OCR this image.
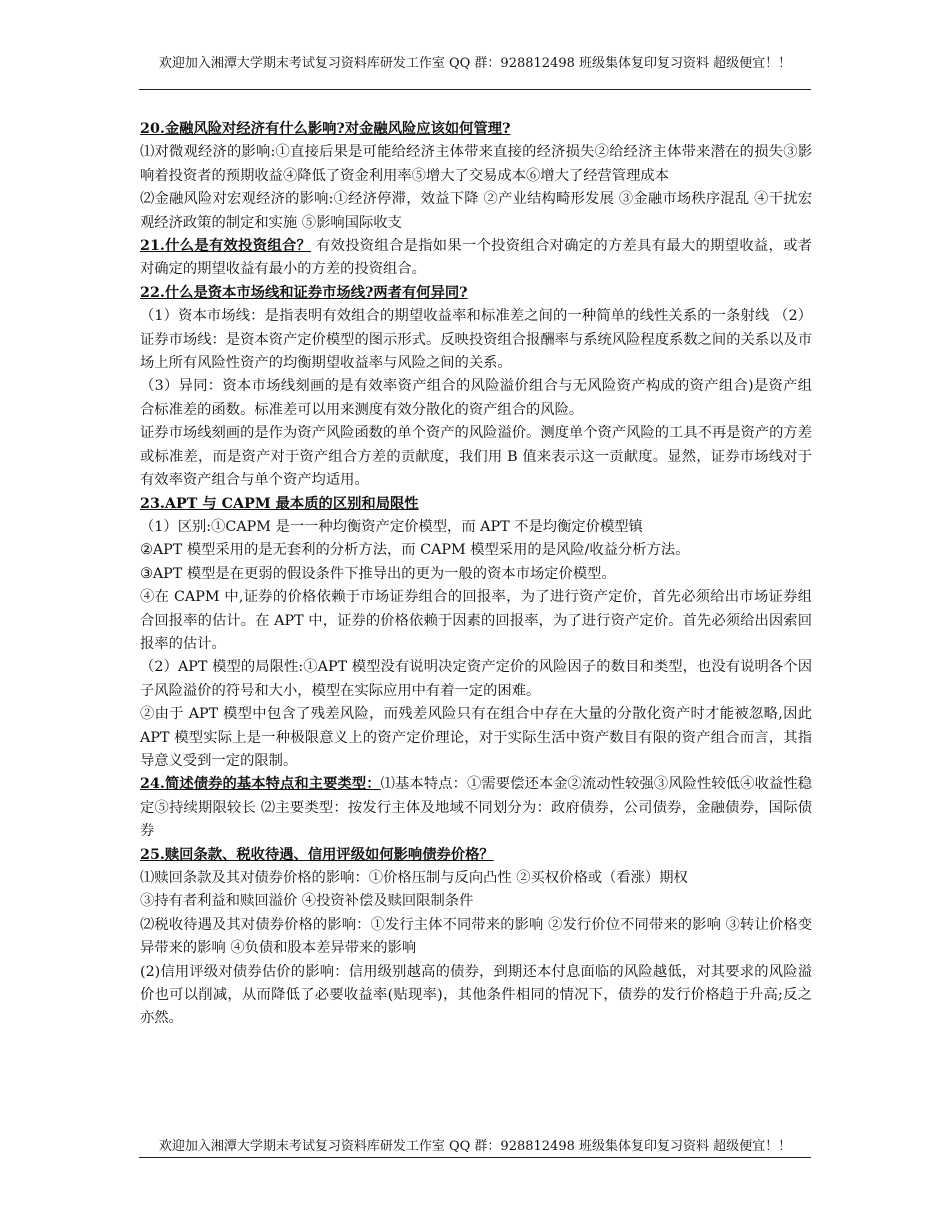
欢迎加入湘潭大学期末考试复习资料库研发工作室 QQ 群：928812498 班级集体复印复习资料 超级便宜！！

20.金融风险对经济有什么影响?对金融风险应该如何管理?

⑴对微观经济的影响:①直接后果是可能给经济主体带来直接的经济损失②给经济主体带来潜在的损失③影响着投资者的预期收益④降低了资金利用率⑤增大了交易成本⑥增大了经营管理成本

⑵金融风险对宏观经济的影响:①经济停滞，效益下降 ②产业结构畸形发展 ③金融市场秩序混乱 ④干扰宏观经济政策的制定和实施 ⑤影响国际收支

21.什么是有效投资组合？ 有效投资组合是指如果一个投资组合对确定的方差具有最大的期望收益，或者对确定的期望收益有最小的方差的投资组合。

22.什么是资本市场线和证券市场线?两者有何异同?

（1）资本市场线：是指表明有效组合的期望收益率和标准差之间的一种简单的线性关系的一条射线 （2）证券市场线：是资本资产定价模型的图示形式。反映投资组合报酬率与系统风险程度系数之间的关系以及市场上所有风险性资产的均衡期望收益率与风险之间的关系。

（3）异同：资本市场线刻画的是有效率资产组合的风险溢价组合与无风险资产构成的资产组合)是资产组合标准差的函数。标准差可以用来测度有效分散化的资产组合的风险。

证券市场线刻画的是作为资产风险函数的单个资产的风险溢价。测度单个资产风险的工具不再是资产的方差或标准差，而是资产对于资产组合方差的贡献度，我们用 B 值来表示这一贡献度。显然，证券市场线对于有效率资产组合与单个资产均适用。

23.APT 与 CAPM 最本质的区别和局限性

（1）区别:①CAPM 是一一种均衡资产定价模型，而 APT 不是均衡定价模型镇

②APT 模型采用的是无套利的分析方法，而 CAPM 模型采用的是风险/收益分析方法。

③APT 模型是在更弱的假设条件下推导出的更为一般的资本市场定价模型。

④在 CAPM 中,证券的价格依赖于市场证券组合的回报率，为了进行资产定价，首先必须给出市场证券组合回报率的估计。在 APT 中，证券的价格依赖于因素的回报率，为了进行资产定价。首先必须给出因索回报率的估计。

（2）APT 模型的局限性:①APT 模型没有说明决定资产定价的风险因子的数目和类型，也没有说明各个因子风险溢价的符号和大小，模型在实际应用中有着一定的困难。

②由于 APT 模型中包含了残差风险，而残差风险只有在组合中存在大量的分散化资产时才能被忽略,因此 APT 模型实际上是一种极限意义上的资产定价理论，对于实际生活中资产数目有限的资产组合而言，其指导意义受到一定的限制。

24.简述债券的基本特点和主要类型：⑴基本特点：①需要偿还本金②流动性较强③风险性较低④收益性稳定⑤持续期限较长 ⑵主要类型：按发行主体及地域不同划分为：政府债券，公司债券，金融债券，国际债券

25.赎回条款、税收待遇、信用评级如何影响债券价格？

⑴赎回条款及其对债券价格的影响：①价格压制与反向凸性 ②买权价格或（看涨）期权

③持有者利益和赎回溢价 ④投资补偿及赎回限制条件

⑵税收待遇及其对债券价格的影响：①发行主体不同带来的影响 ②发行价位不同带来的影响 ③转让价格变异带来的影响 ④负债和股本差异带来的影响

(2)信用评级对债券估价的影响：信用级别越高的债券，到期还本付息面临的风险越低，对其要求的风险溢价也可以削减，从而降低了必要收益率(贴现率)，其他条件相同的情况下，债券的发行价格趋于升高;反之亦然。

欢迎加入湘潭大学期末考试复习资料库研发工作室 QQ 群：928812498 班级集体复印复习资料 超级便宜！！
